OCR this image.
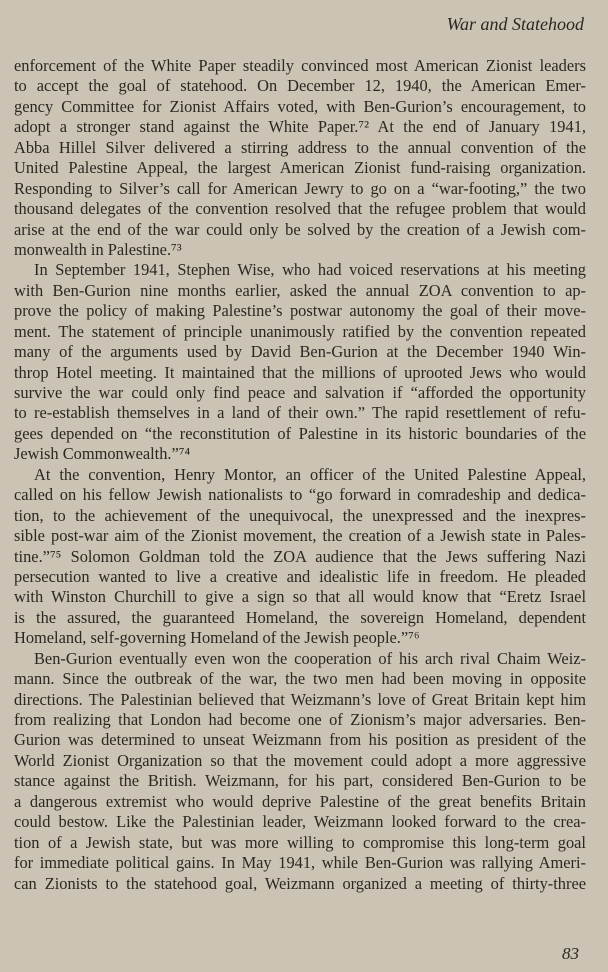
War and Statehood
enforcement of the White Paper steadily convinced most American Zionist leaders
to accept the goal of statehood. On December 12, 1940, the American Emer-
gency Committee for Zionist Affairs voted, with Ben-Gurion’s encouragement, to
adopt a stronger stand against the White Paper.⁷² At the end of January 1941,
Abba Hillel Silver delivered a stirring address to the annual convention of the
United Palestine Appeal, the largest American Zionist fund-raising organization.
Responding to Silver’s call for American Jewry to go on a “war-footing,” the two
thousand delegates of the convention resolved that the refugee problem that would
arise at the end of the war could only be solved by the creation of a Jewish com-
monwealth in Palestine.⁷³
In September 1941, Stephen Wise, who had voiced reservations at his meeting
with Ben-Gurion nine months earlier, asked the annual ZOA convention to ap-
prove the policy of making Palestine’s postwar autonomy the goal of their move-
ment. The statement of principle unanimously ratified by the convention repeated
many of the arguments used by David Ben-Gurion at the December 1940 Win-
throp Hotel meeting. It maintained that the millions of uprooted Jews who would
survive the war could only find peace and salvation if “afforded the opportunity
to re-establish themselves in a land of their own.” The rapid resettlement of refu-
gees depended on “the reconstitution of Palestine in its historic boundaries of the
Jewish Commonwealth.”⁷⁴
At the convention, Henry Montor, an officer of the United Palestine Appeal,
called on his fellow Jewish nationalists to “go forward in comradeship and dedica-
tion, to the achievement of the unequivocal, the unexpressed and the inexpres-
sible post-war aim of the Zionist movement, the creation of a Jewish state in Pales-
tine.”⁷⁵ Solomon Goldman told the ZOA audience that the Jews suffering Nazi
persecution wanted to live a creative and idealistic life in freedom. He pleaded
with Winston Churchill to give a sign so that all would know that “Eretz Israel
is the assured, the guaranteed Homeland, the sovereign Homeland, dependent
Homeland, self-governing Homeland of the Jewish people.”⁷⁶
Ben-Gurion eventually even won the cooperation of his arch rival Chaim Weiz-
mann. Since the outbreak of the war, the two men had been moving in opposite
directions. The Palestinian believed that Weizmann’s love of Great Britain kept him
from realizing that London had become one of Zionism’s major adversaries. Ben-
Gurion was determined to unseat Weizmann from his position as president of the
World Zionist Organization so that the movement could adopt a more aggressive
stance against the British. Weizmann, for his part, considered Ben-Gurion to be
a dangerous extremist who would deprive Palestine of the great benefits Britain
could bestow. Like the Palestinian leader, Weizmann looked forward to the crea-
tion of a Jewish state, but was more willing to compromise this long-term goal
for immediate political gains. In May 1941, while Ben-Gurion was rallying Ameri-
can Zionists to the statehood goal, Weizmann organized a meeting of thirty-three
83
